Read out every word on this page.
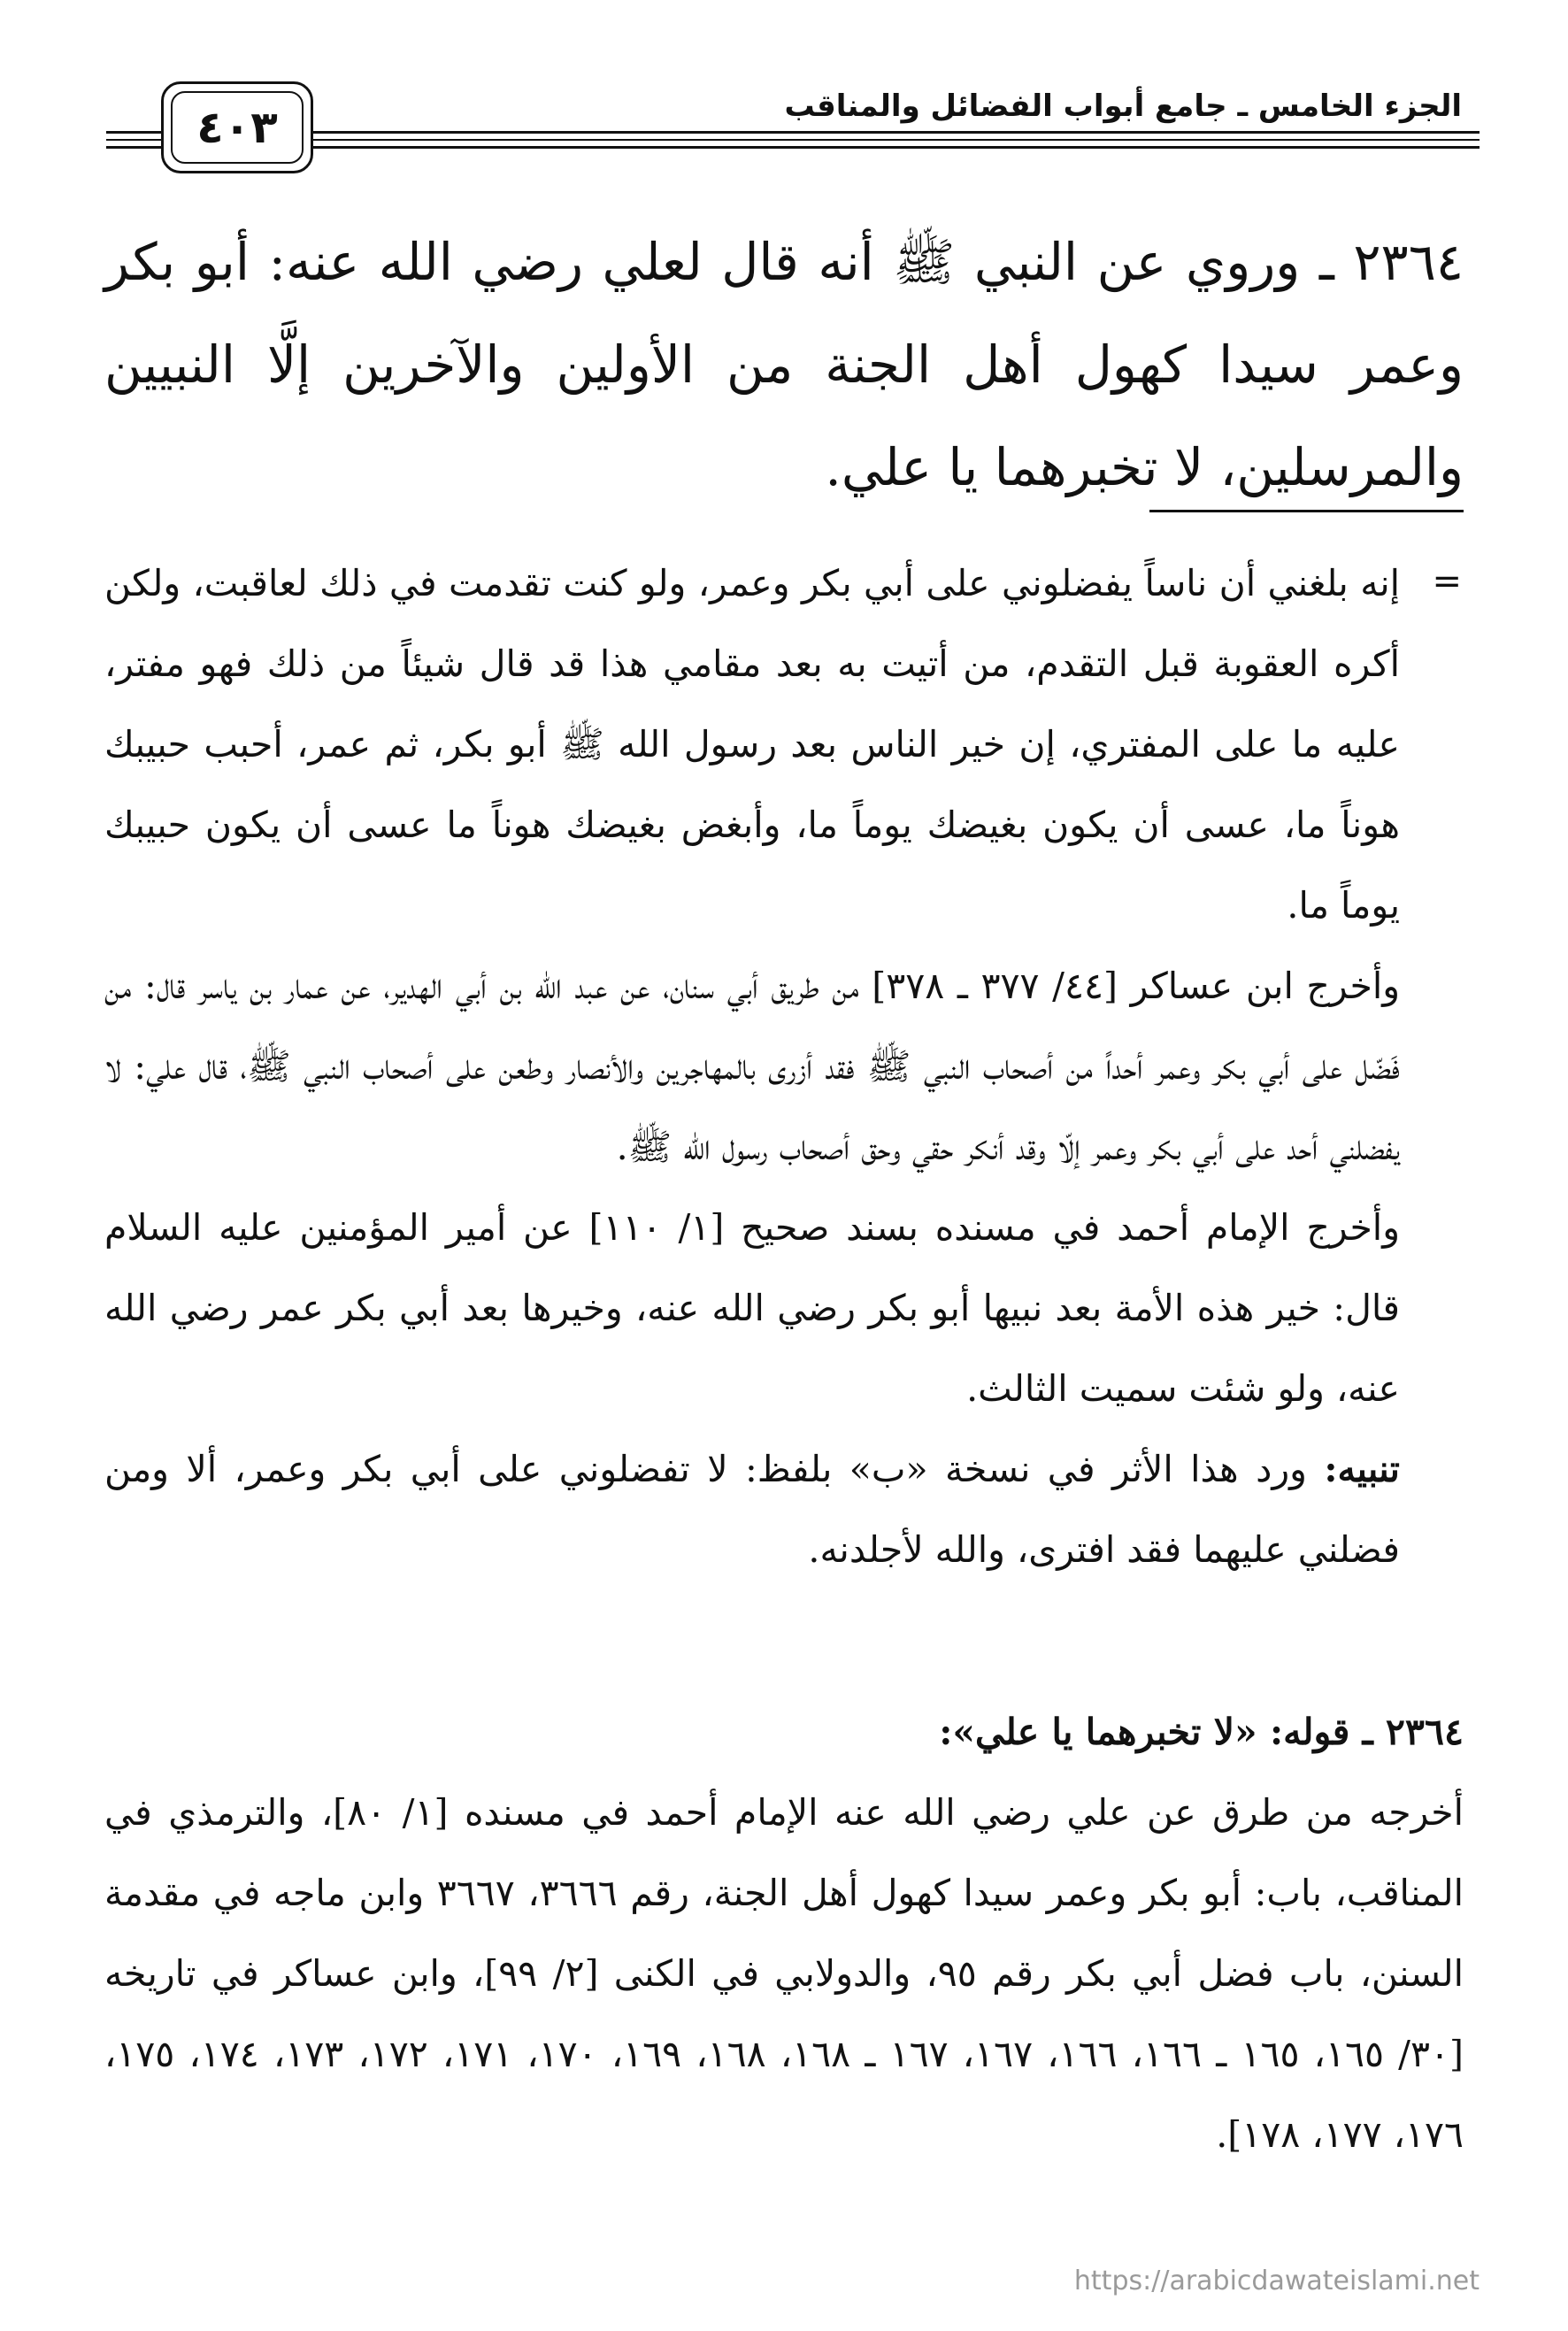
الجزء الخامس ـ جامع أبواب الفضائل والمناقب
٤٠٣
٢٣٦٤ ـ وروي عن النبي ﷺ أنه قال لعلي رضي الله عنه: أبو بكر وعمر سيدا كهول أهل الجنة من الأولين والآخرين إلَّا النبيين والمرسلين، لا تخبرهما يا علي.
=

إنه بلغني أن ناساً يفضلوني على أبي بكر وعمر، ولو كنت تقدمت في ذلك لعاقبت، ولكن أكره العقوبة قبل التقدم، من أتيت به بعد مقامي هذا قد قال شيئاً من ذلك فهو مفتر، عليه ما على المفتري، إن خير الناس بعد رسول الله ﷺ أبو بكر، ثم عمر، أحبب حبيبك هوناً ما، عسى أن يكون بغيضك يوماً ما، وأبغض بغيضك هوناً ما عسى أن يكون حبيبك يوماً ما.

وأخرج ابن عساكر [٤٤/ ٣٧٧ ـ ٣٧٨] من طريق أبي سنان، عن عبد الله بن أبي الهدير، عن عمار بن ياسر قال: من فَضّل على أبي بكر وعمر أحداً من أصحاب النبي ﷺ فقد أزرى بالمهاجرين والأنصار وطعن على أصحاب النبي ﷺ، قال علي: لا يفضلني أحد على أبي بكر وعمر إلّا وقد أنكر حقي وحق أصحاب رسول الله ﷺ.

وأخرج الإمام أحمد في مسنده بسند صحيح [١/ ١١٠] عن أمير المؤمنين عليه السلام قال: خير هذه الأمة بعد نبيها أبو بكر رضي الله عنه، وخيرها بعد أبي بكر عمر رضي الله عنه، ولو شئت سميت الثالث.

تنبيه: ورد هذا الأثر في نسخة «ب» بلفظ: لا تفضلوني على أبي بكر وعمر، ألا ومن فضلني عليهما فقد افترى، والله لأجلدنه.

٢٣٦٤ ـ قوله: «لا تخبرهما يا علي»:

أخرجه من طرق عن علي رضي الله عنه الإمام أحمد في مسنده [١/ ٨٠]، والترمذي في المناقب، باب: أبو بكر وعمر سيدا كهول أهل الجنة، رقم ٣٦٦٦، ٣٦٦٧ وابن ماجه في مقدمة السنن، باب فضل أبي بكر رقم ٩٥، والدولابي في الكنى [٢/ ٩٩]، وابن عساكر في تاريخه [٣٠/ ١٦٥، ١٦٥ ـ ١٦٦، ١٦٦، ١٦٧، ١٦٧ ـ ١٦٨، ١٦٨، ١٦٩، ١٧٠، ١٧١، ١٧٢، ١٧٣، ١٧٤، ١٧٥، ١٧٦، ١٧٧، ١٧٨].

https://arabicdawateislami.net
